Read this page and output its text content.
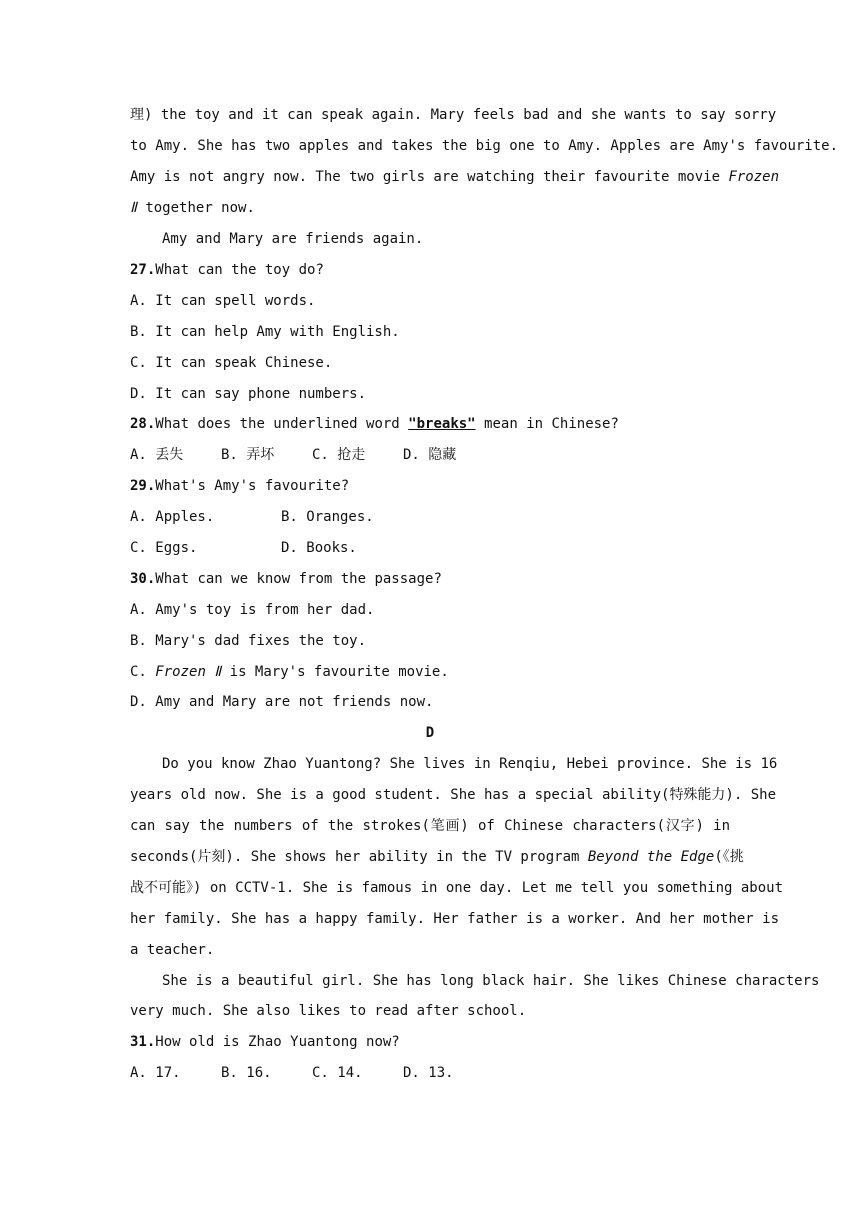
理) the toy and it can speak again. Mary feels bad and she wants to say sorry
to Amy. She has two apples and takes the big one to Amy. Apples are Amy's favourite.
Amy is not angry now. The two girls are watching their favourite movie Frozen
Ⅱ together now.
Amy and Mary are friends again.
27.What can the toy do?
A. It can spell words.
B. It can help Amy with English.
C. It can speak Chinese.
D. It can say phone numbers.
28.What does the underlined word "breaks" mean in Chinese?
A. 丢失	B. 弄坏	C. 抢走	D. 隐藏
29.What's Amy's favourite?
A. Apples.	B. Oranges.
C. Eggs.	D. Books.
30.What can we know from the passage?
A. Amy's toy is from her dad.
B. Mary's dad fixes the toy.
C. Frozen Ⅱ is Mary's favourite movie.
D. Amy and Mary are not friends now.
D
Do you know Zhao Yuantong? She lives in Renqiu, Hebei province. She is 16
years old now. She is a good student. She has a special ability(特殊能力). She
can say the numbers of the strokes(笔画) of Chinese characters(汉字) in
seconds(片刻). She shows her ability in the TV program Beyond the Edge(《挑
战不可能》) on CCTV-1. She is famous in one day. Let me tell you something about
her family. She has a happy family. Her father is a worker. And her mother is
a teacher.
She is a beautiful girl. She has long black hair. She likes Chinese characters
very much. She also likes to read after school.
31.How old is Zhao Yuantong now?
A. 17.	B. 16.	C. 14.	D. 13.
